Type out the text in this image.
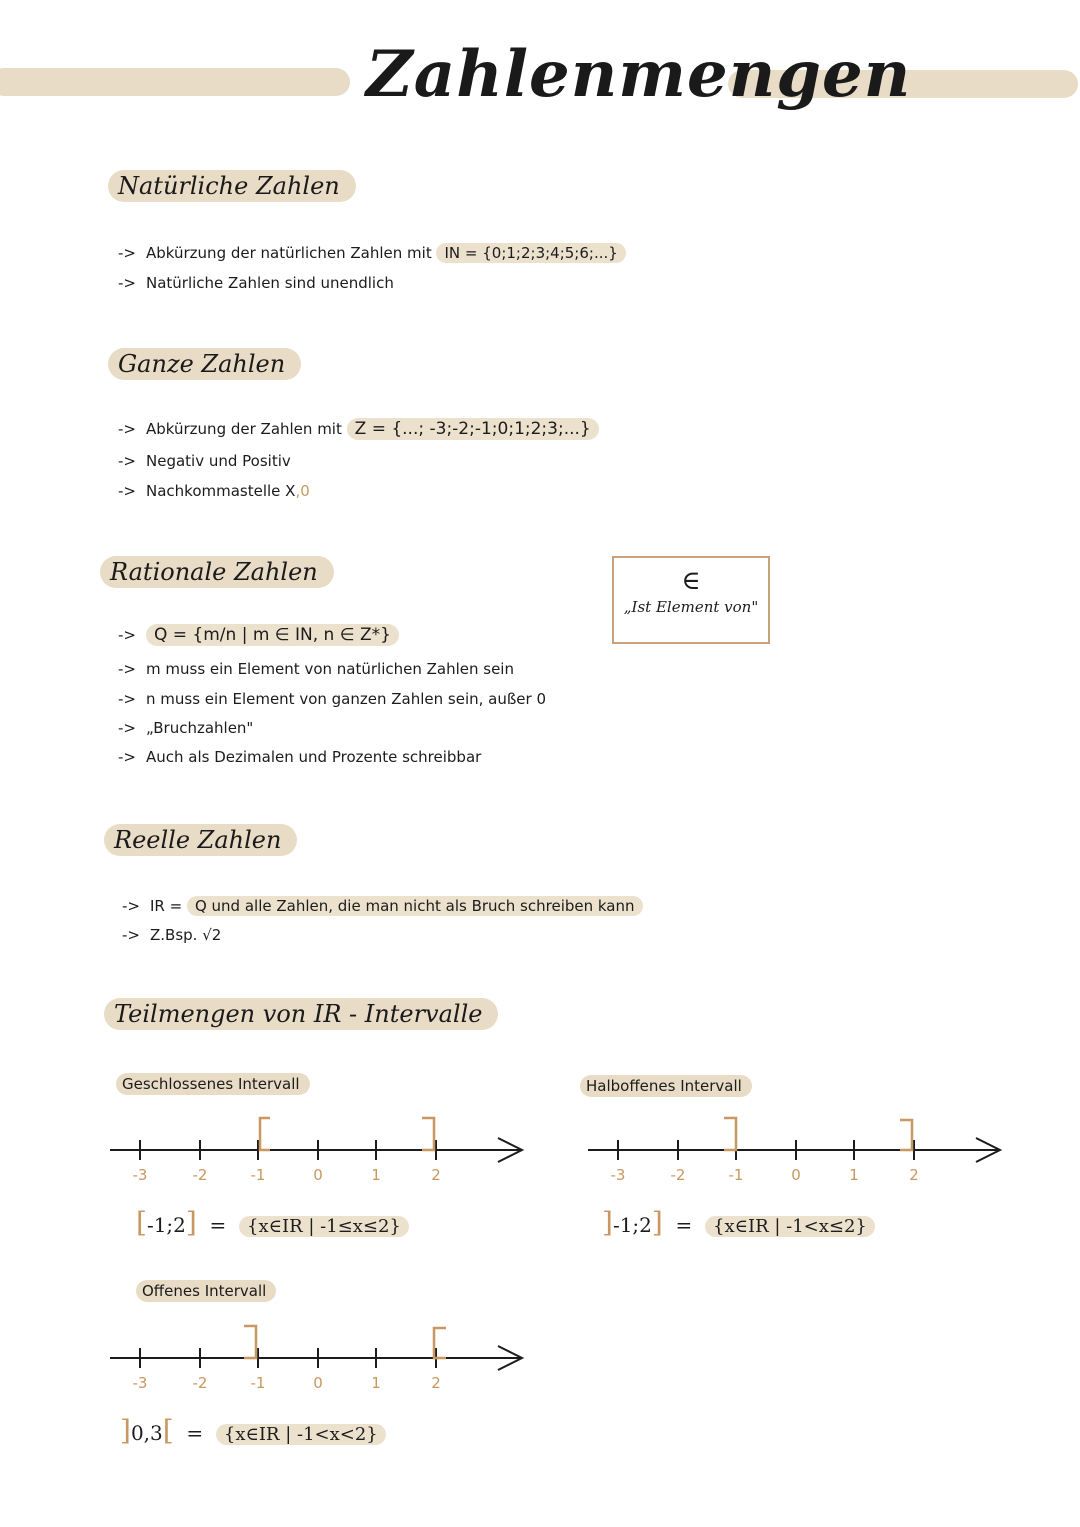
Zahlenmengen
Natürliche Zahlen
-> Abkürzung der natürlichen Zahlen mit IN = {0;1;2;3;4;5;6;...}
-> Natürliche Zahlen sind unendlich
Ganze Zahlen
-> Abkürzung der Zahlen mit Z = {...; -3;-2;-1;0;1;2;3;...}
-> Negativ und Positiv
-> Nachkommastelle X,0
Rationale Zahlen	∈
„Ist Element von"
-> Q = {m/n | m ∈ IN, n ∈ Z*}
-> m muss ein Element von natürlichen Zahlen sein
-> n muss ein Element von ganzen Zahlen sein, außer 0
-> „Bruchzahlen"
-> Auch als Dezimalen und Prozente schreibbar
Reelle Zahlen
-> IR = Q und alle Zahlen, die man nicht als Bruch schreiben kann
-> Z.Bsp. √2
Teilmengen von IR - Intervalle
Geschlossenes Intervall
-3	-2	-1	0	1	2
[-1;2] = {x∈IR | -1≤x≤2}
Halboffenes Intervall
-3	-2	-1	0	1	2
]-1;2] = {x∈IR | -1<x≤2}
Offenes Intervall
-3	-2	-1	0	1	2
]0,3[ = {x∈IR | -1<x<2}
